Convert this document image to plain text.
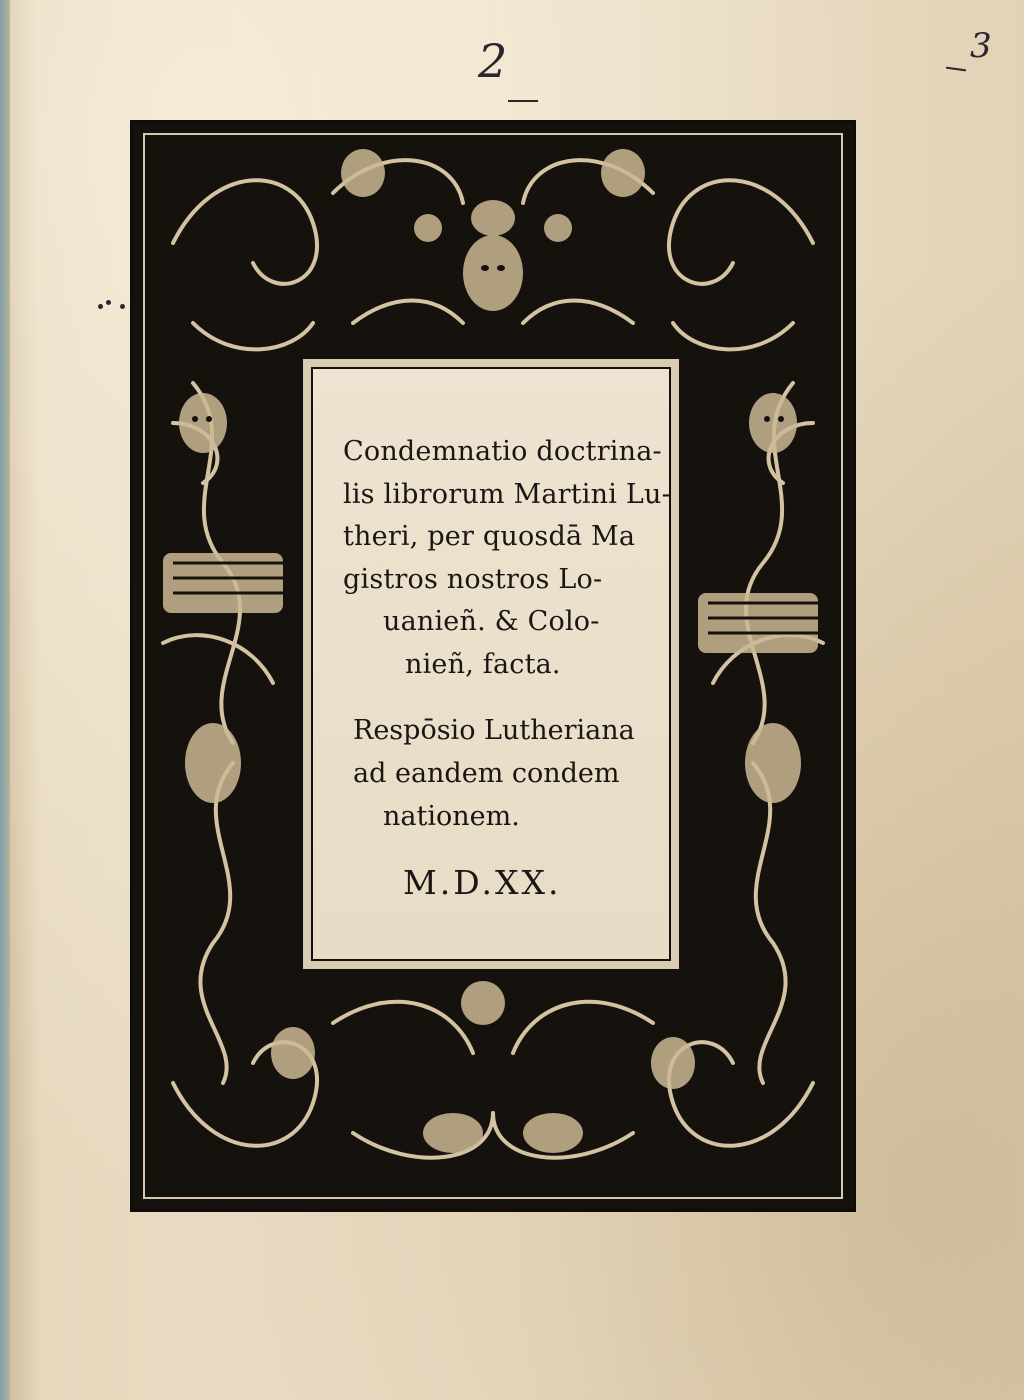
2	3
Condemnatio doctrina-
lis librorum Martini Lu-
theri, per quosdā Ma
gistros nostros Lo-
uanieñ. & Colo-
nieñ, facta.
Respōsio Lutheriana
ad eandem condem
nationem.
M.D.XX.
